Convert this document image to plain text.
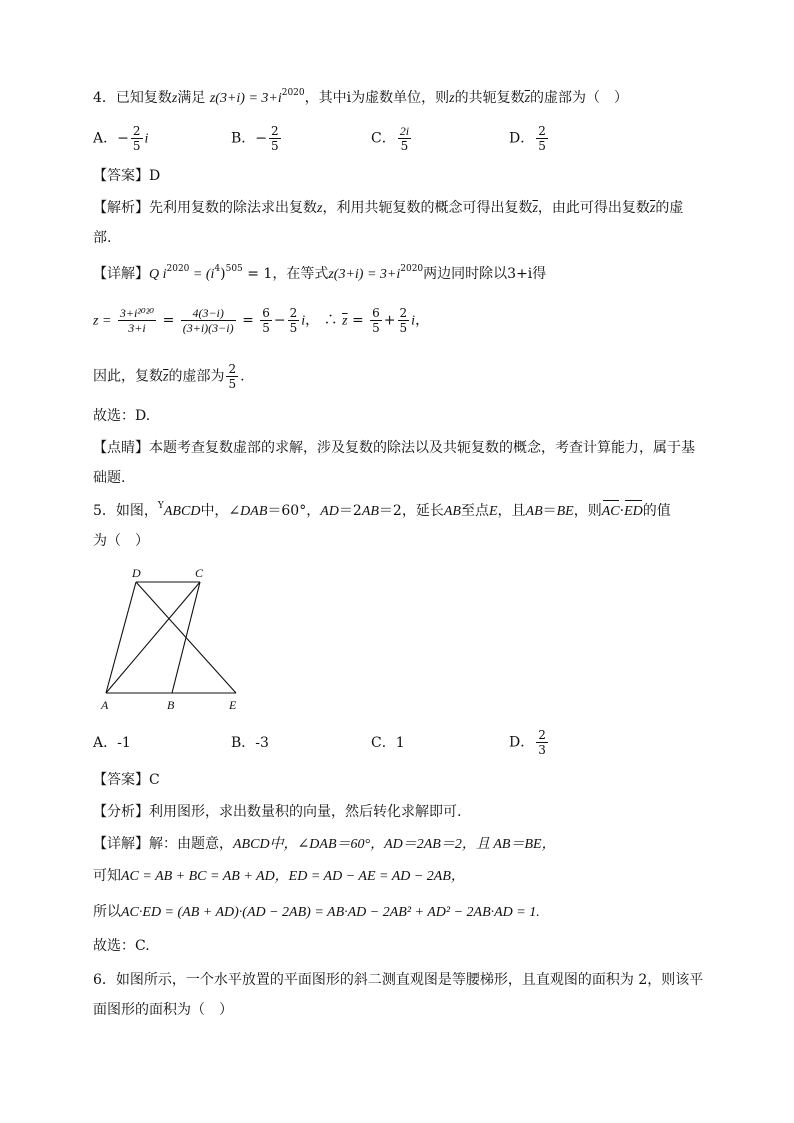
4．已知复数z满足 $z(3+i) = 3+i^{2020}$，其中i为虚数单位，则z的共轭复数$\overline{z}$的虚部为（　）
A．− $\frac{2}{5}$ i	B．− $\frac{2}{5}$	C． $\frac{2i}{5}$	D． $\frac{2}{5}$
【答案】D
【解析】先利用复数的除法求出复数z，利用共轭复数的概念可得出复数$\overline{z}$，由此可得出复数$\overline{z}$的虚
部.
【详解】Q $i^{2020} = (i^4)^{505} = 1$，在等式$z(3+i) = 3+i^{2020}$两边同时除以3+i得
$z = \frac{\text{3+i²⁰²⁰}}{3+i} = \frac{4(3-i)}{(3+i)(3-i)} = \frac{6}{5} - \frac{2}{5}$ i， ∴ $\overline{z} = \frac{6}{5} + \frac{2}{5}$ i，
因此，复数$\overline{z}$的虚部为 $\frac{2}{5}$ .
故选：D.
【点睛】本题考查复数虚部的求解，涉及复数的除法以及共轭复数的概念，考查计算能力，属于基
础题.
5．如图，$^Y$ABCD中，∠DAB＝60°，AD＝2AB＝2，延长AB至点E，且AB＝BE，则AC·ED的值
为（　）
D	C
A	B	E
A．-1	B．-3	C．1	D． $\frac{2}{3}$
【答案】C
【分析】利用图形，求出数量积的向量，然后转化求解即可.
【详解】解：由题意，ABCD中，∠DAB＝60°，AD＝2AB＝2，且 AB＝BE，
可知AC = AB + BC = AB + AD，ED = AD − AE = AD − 2AB，
所以AC·ED = (AB + AD)·(AD − 2AB) = AB·AD − 2AB² + AD² − 2AB·AD = 1.
故选：C.
6．如图所示，一个水平放置的平面图形的斜二测直观图是等腰梯形，且直观图的面积为 2，则该平
面图形的面积为（　）
